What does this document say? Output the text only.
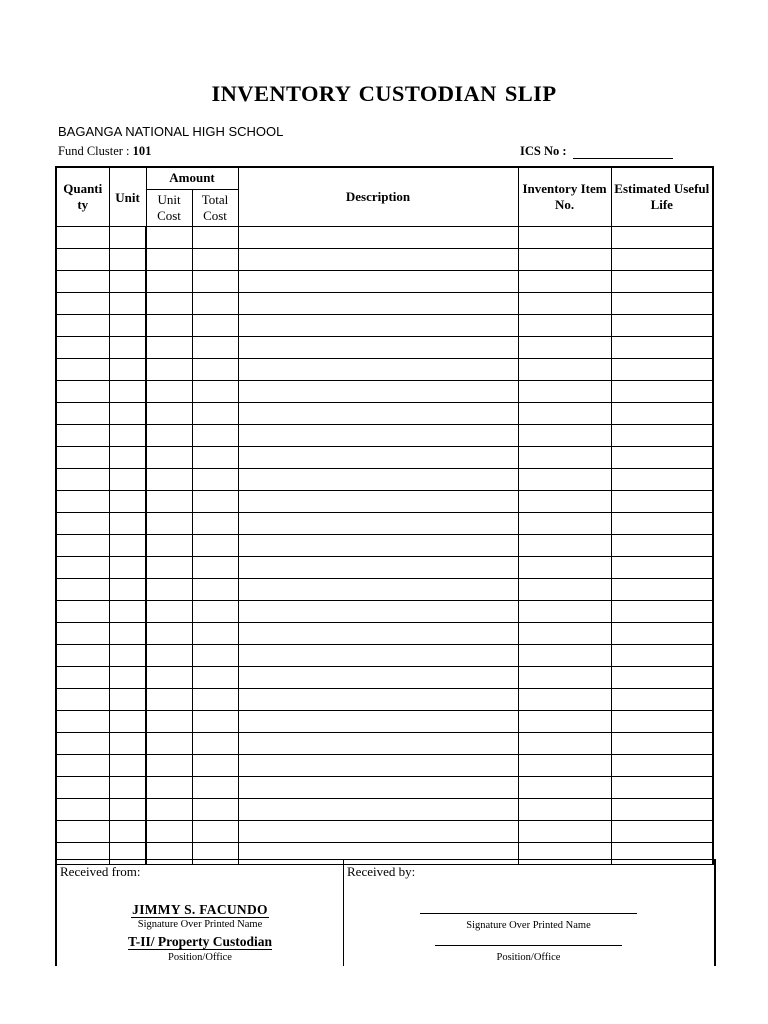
INVENTORY CUSTODIAN SLIP
BAGANGA NATIONAL HIGH SCHOOL
Fund Cluster : 101	ICS No :
Quanti ty	Unit	Amount		Description	Inventory Item No.	Estimated Useful Life
		Unit Cost	Total Cost			

Received from:	Received by:
JIMMY S. FACUNDO
Signature Over Printed Name
T-II/ Property Custodian
Position/Office
Signature Over Printed Name
Position/Office
